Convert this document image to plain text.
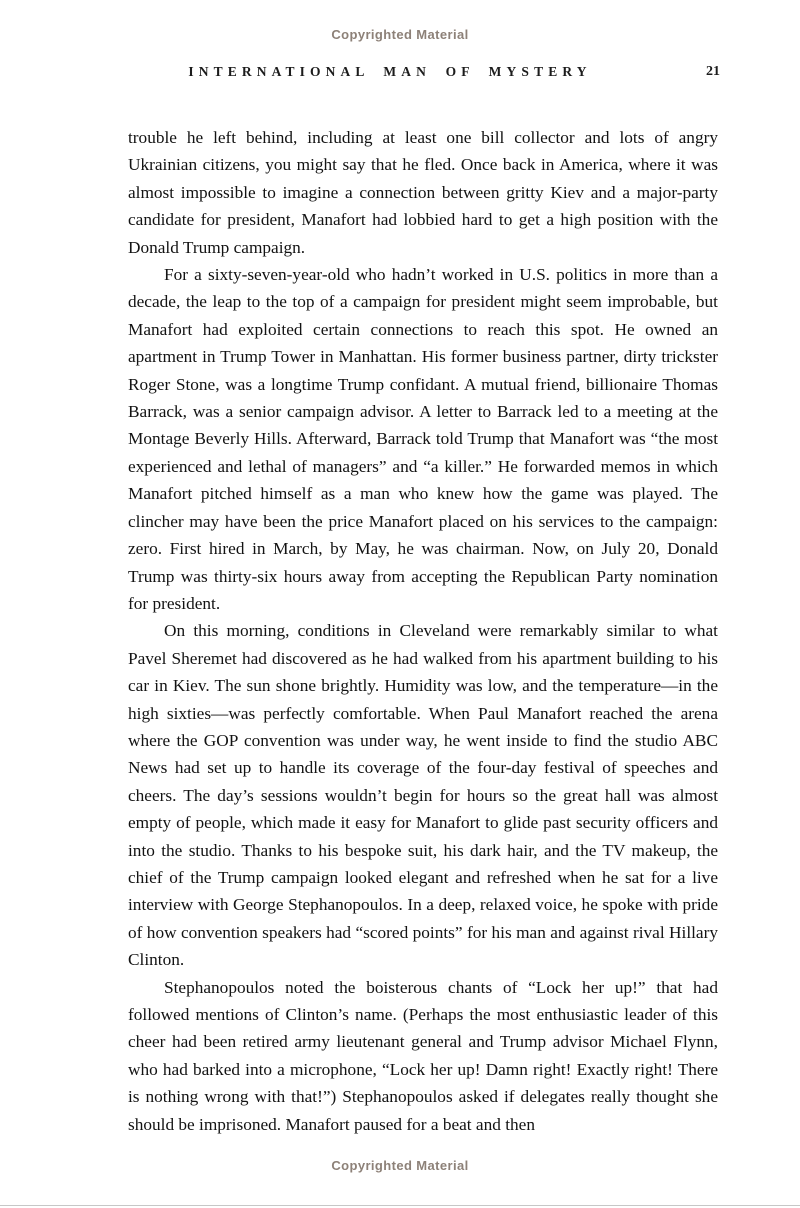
Copyrighted Material
INTERNATIONAL MAN OF MYSTERY	21

trouble he left behind, including at least one bill collector and lots of angry Ukrainian citizens, you might say that he fled. Once back in America, where it was almost impossible to imagine a connection between gritty Kiev and a major-party candidate for president, Manafort had lobbied hard to get a high position with the Donald Trump campaign.

For a sixty-seven-year-old who hadn’t worked in U.S. politics in more than a decade, the leap to the top of a campaign for president might seem improbable, but Manafort had exploited certain connections to reach this spot. He owned an apartment in Trump Tower in Manhattan. His former business partner, dirty trickster Roger Stone, was a longtime Trump confidant. A mutual friend, billionaire Thomas Barrack, was a senior campaign advisor. A letter to Barrack led to a meeting at the Montage Beverly Hills. Afterward, Barrack told Trump that Manafort was “the most experienced and lethal of managers” and “a killer.” He forwarded memos in which Manafort pitched himself as a man who knew how the game was played. The clincher may have been the price Manafort placed on his services to the campaign: zero. First hired in March, by May, he was chairman. Now, on July 20, Donald Trump was thirty-six hours away from accepting the Republican Party nomination for president.

On this morning, conditions in Cleveland were remarkably similar to what Pavel Sheremet had discovered as he had walked from his apartment building to his car in Kiev. The sun shone brightly. Humidity was low, and the temperature—in the high sixties—was perfectly comfortable. When Paul Manafort reached the arena where the GOP convention was under way, he went inside to find the studio ABC News had set up to handle its coverage of the four-day festival of speeches and cheers. The day’s sessions wouldn’t begin for hours so the great hall was almost empty of people, which made it easy for Manafort to glide past security officers and into the studio. Thanks to his bespoke suit, his dark hair, and the TV makeup, the chief of the Trump campaign looked elegant and refreshed when he sat for a live interview with George Stephanopoulos. In a deep, relaxed voice, he spoke with pride of how convention speakers had “scored points” for his man and against rival Hillary Clinton.

Stephanopoulos noted the boisterous chants of “Lock her up!” that had followed mentions of Clinton’s name. (Perhaps the most enthusiastic leader of this cheer had been retired army lieutenant general and Trump advisor Michael Flynn, who had barked into a microphone, “Lock her up! Damn right! Exactly right! There is nothing wrong with that!”) Stephanopoulos asked if delegates really thought she should be imprisoned. Manafort paused for a beat and then

Copyrighted Material
